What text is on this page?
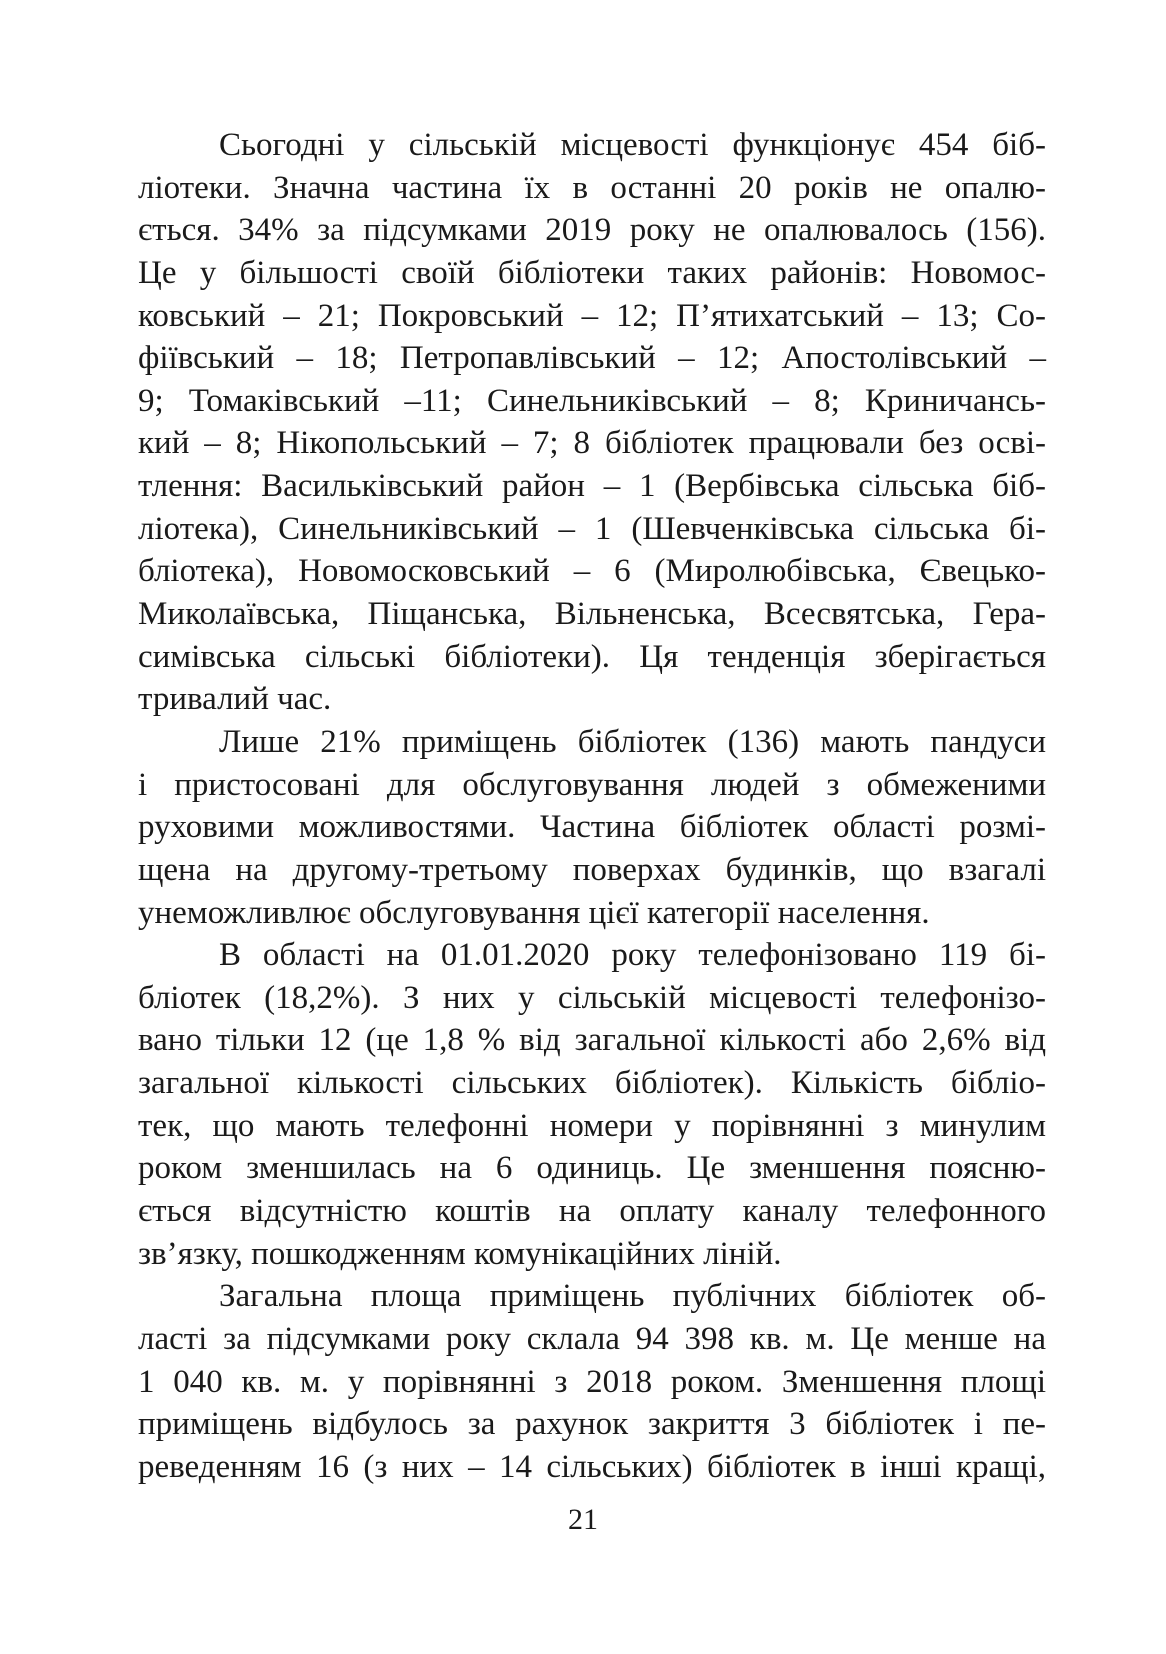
Сьогодні у сільській місцевості функціонує 454 біб-
ліотеки. Значна частина їх в останні 20 років не опалю-
ється. 34% за підсумками 2019 року не опалювалось (156).
Це у більшості своїй бібліотеки таких районів: Новомос-
ковський – 21; Покровський – 12; П’ятихатський – 13; Со-
фіївський – 18; Петропавлівський – 12; Апостолівський –
9; Томаківський –11; Синельниківський – 8; Криничансь-
кий – 8; Нікопольський – 7; 8 бібліотек працювали без осві-
тлення: Васильківський район – 1 (Вербівська сільська біб-
ліотека), Синельниківський – 1 (Шевченківська сільська бі-
бліотека), Новомосковський – 6 (Миролюбівська, Євецько-
Миколаївська, Піщанська, Вільненська, Всесвятська, Гера-
симівська сільські бібліотеки). Ця тенденція зберігається
тривалий час.
Лише 21% приміщень бібліотек (136) мають пандуси
і пристосовані для обслуговування людей з обмеженими
руховими можливостями. Частина бібліотек області розмі-
щена на другому-третьому поверхах будинків, що взагалі
унеможливлює обслуговування цієї категорії населення.
В області на 01.01.2020 року телефонізовано 119 бі-
бліотек (18,2%). З них у сільській місцевості телефонізо-
вано тільки 12 (це 1,8 % від загальної кількості або 2,6% від
загальної кількості сільських бібліотек). Кількість бібліо-
тек, що мають телефонні номери у порівнянні з минулим
роком зменшилась на 6 одиниць. Це зменшення поясню-
ється відсутністю коштів на оплату каналу телефонного
зв’язку, пошкодженням комунікаційних ліній.
Загальна площа приміщень публічних бібліотек об-
ласті за підсумками року склала 94 398 кв. м. Це менше на
1 040 кв. м. у порівнянні з 2018 роком. Зменшення площі
приміщень відбулось за рахунок закриття 3 бібліотек і пе-
реведенням 16 (з них – 14 сільських) бібліотек в інші кращі,
21
